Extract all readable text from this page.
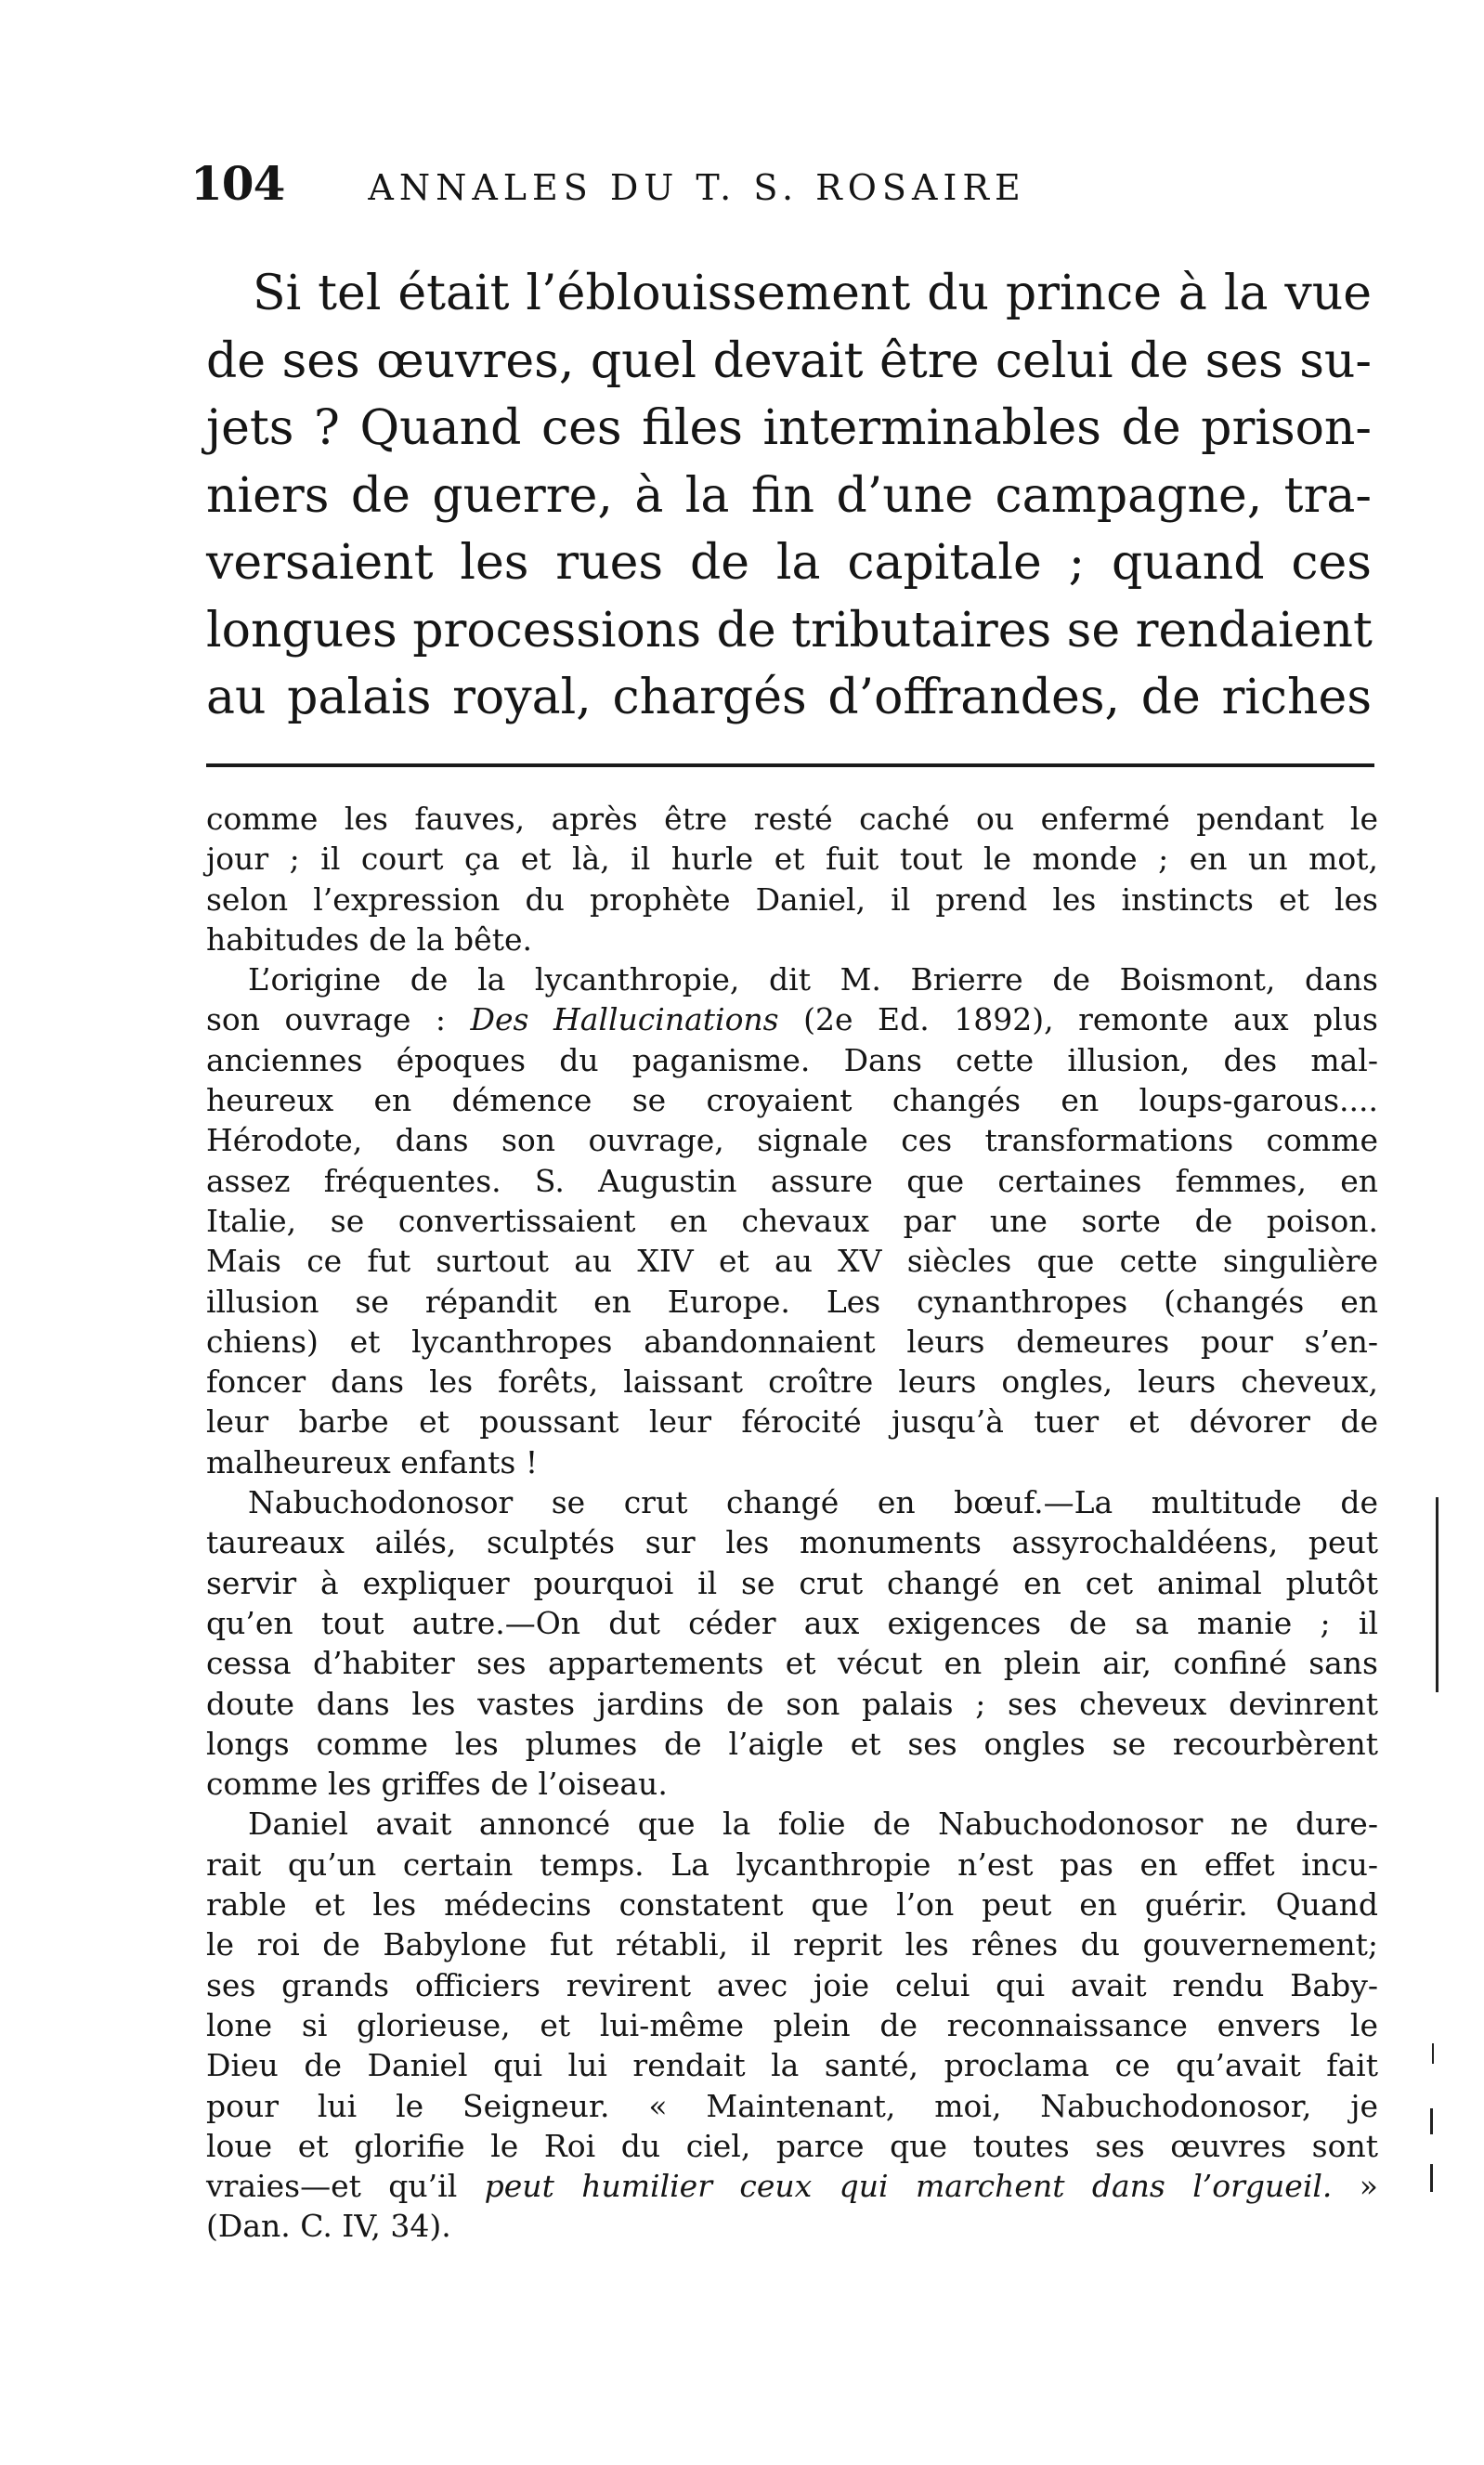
104 ANNALES DU T. S. ROSAIRE
Si tel était l’éblouissement du prince à la vue
de ses œuvres, quel devait être celui de ses su-
jets ? Quand ces files interminables de prison-
niers de guerre, à la fin d’une campagne, tra-
versaient les rues de la capitale ; quand ces
longues processions de tributaires se rendaient
au palais royal, chargés d’offrandes, de riches

comme les fauves, après être resté caché ou enfermé pendant le
jour ; il court ça et là, il hurle et fuit tout le monde ; en un mot,
selon l’expression du prophète Daniel, il prend les instincts et les
habitudes de la bête.

L’origine de la lycanthropie, dit M. Brierre de Boismont, dans
son ouvrage : Des Hallucinations (2e Ed. 1892), remonte aux plus
anciennes époques du paganisme. Dans cette illusion, des mal-
heureux en démence se croyaient changés en loups-garous....
Hérodote, dans son ouvrage, signale ces transformations comme
assez fréquentes. S. Augustin assure que certaines femmes, en
Italie, se convertissaient en chevaux par une sorte de poison.
Mais ce fut surtout au XIV et au XV siècles que cette singulière
illusion se répandit en Europe. Les cynanthropes (changés en
chiens) et lycanthropes abandonnaient leurs demeures pour s’en-
foncer dans les forêts, laissant croître leurs ongles, leurs cheveux,
leur barbe et poussant leur férocité jusqu’à tuer et dévorer de
malheureux enfants !

Nabuchodonosor se crut changé en bœuf.—La multitude de
taureaux ailés, sculptés sur les monuments assyrochaldéens, peut
servir à expliquer pourquoi il se crut changé en cet animal plutôt
qu’en tout autre.—On dut céder aux exigences de sa manie ; il
cessa d’habiter ses appartements et vécut en plein air, confiné sans
doute dans les vastes jardins de son palais ; ses cheveux devinrent
longs comme les plumes de l’aigle et ses ongles se recourbèrent
comme les griffes de l’oiseau.

Daniel avait annoncé que la folie de Nabuchodonosor ne dure-
rait qu’un certain temps. La lycanthropie n’est pas en effet incu-
rable et les médecins constatent que l’on peut en guérir. Quand
le roi de Babylone fut rétabli, il reprit les rênes du gouvernement;
ses grands officiers revirent avec joie celui qui avait rendu Baby-
lone si glorieuse, et lui-même plein de reconnaissance envers le
Dieu de Daniel qui lui rendait la santé, proclama ce qu’avait fait
pour lui le Seigneur. « Maintenant, moi, Nabuchodonosor, je
loue et glorifie le Roi du ciel, parce que toutes ses œuvres sont
vraies—et qu’il peut humilier ceux qui marchent dans l’orgueil. »
(Dan. C. IV, 34).
